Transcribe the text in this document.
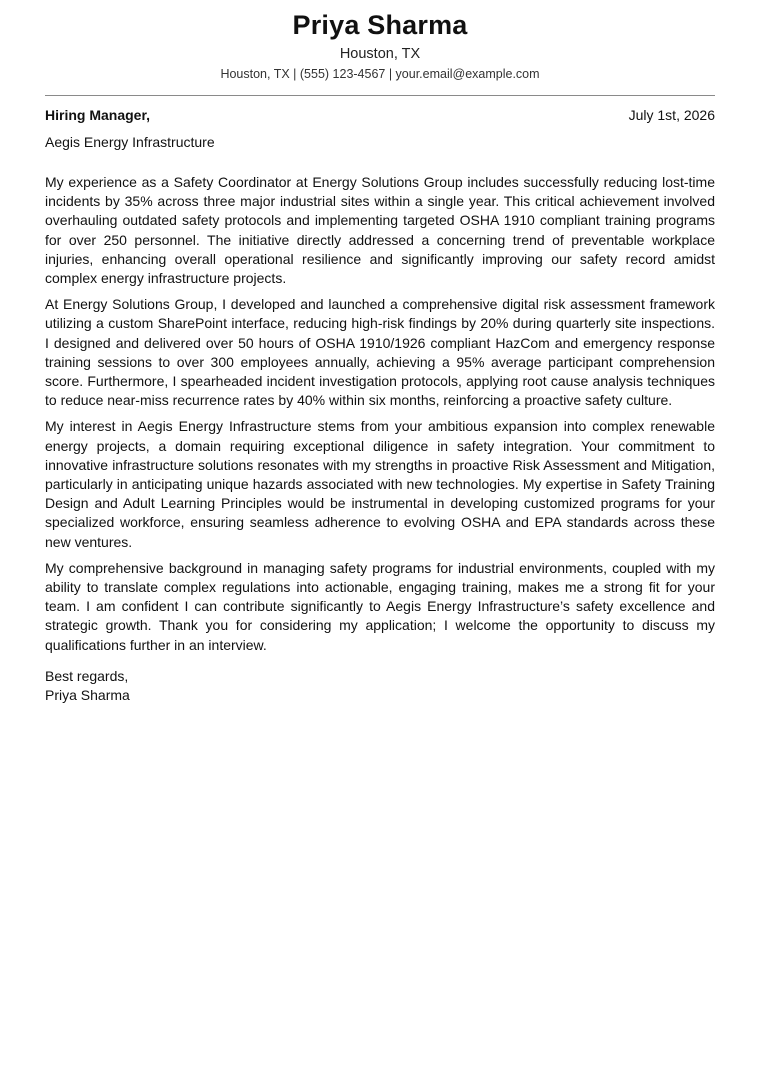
Priya Sharma
Houston, TX
Houston, TX | (555) 123-4567 | your.email@example.com
Hiring Manager,	July 1st, 2026
Aegis Energy Infrastructure

My experience as a Safety Coordinator at Energy Solutions Group includes successfully reducing lost-time incidents by 35% across three major industrial sites within a single year. This critical achievement involved overhauling outdated safety protocols and implementing targeted OSHA 1910 compliant training programs for over 250 personnel. The initiative directly addressed a concerning trend of preventable workplace injuries, enhancing overall operational resilience and significantly improving our safety record amidst complex energy infrastructure projects.

At Energy Solutions Group, I developed and launched a comprehensive digital risk assessment framework utilizing a custom SharePoint interface, reducing high-risk findings by 20% during quarterly site inspections. I designed and delivered over 50 hours of OSHA 1910/1926 compliant HazCom and emergency response training sessions to over 300 employees annually, achieving a 95% average participant comprehension score. Furthermore, I spearheaded incident investigation protocols, applying root cause analysis techniques to reduce near-miss recurrence rates by 40% within six months, reinforcing a proactive safety culture.

My interest in Aegis Energy Infrastructure stems from your ambitious expansion into complex renewable energy projects, a domain requiring exceptional diligence in safety integration. Your commitment to innovative infrastructure solutions resonates with my strengths in proactive Risk Assessment and Mitigation, particularly in anticipating unique hazards associated with new technologies. My expertise in Safety Training Design and Adult Learning Principles would be instrumental in developing customized programs for your specialized workforce, ensuring seamless adherence to evolving OSHA and EPA standards across these new ventures.

My comprehensive background in managing safety programs for industrial environments, coupled with my ability to translate complex regulations into actionable, engaging training, makes me a strong fit for your team. I am confident I can contribute significantly to Aegis Energy Infrastructure’s safety excellence and strategic growth. Thank you for considering my application; I welcome the opportunity to discuss my qualifications further in an interview.

Best regards,
Priya Sharma
